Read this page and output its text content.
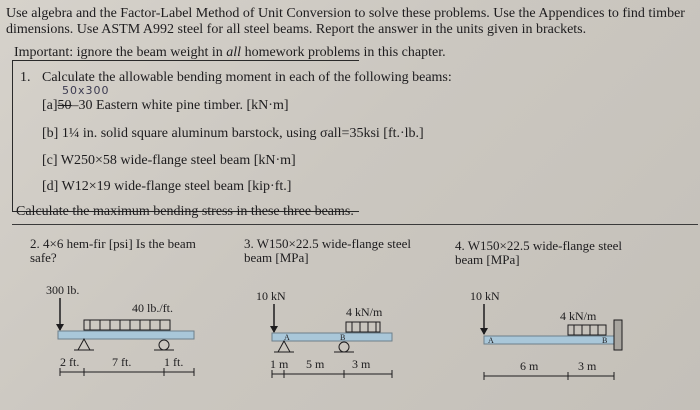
Use algebra and the Factor-Label Method of Unit Conversion to solve these problems. Use the Appendices to find timber
dimensions. Use ASTM A992 steel for all steel beams. Report the answer in the units given in brackets.
Important: ignore the beam weight in all homework problems in this chapter.
1. Calculate the allowable bending moment in each of the following beams:
50x300
[a]50–30 Eastern white pine timber. [kN·m]
[b] 1¼ in. solid square aluminum barstock, using σall=35ksi [ft.·lb.]
[c] W250×58 wide-flange steel beam [kN·m]
[d] W12×19 wide-flange steel beam [kip·ft.]
Calculate the maximum bending stress in these three beams.
2. 4×6 hem-fir [psi] Is the beam
safe?
3. W150×22.5 wide-flange steel
beam [MPa]
4. W150×22.5 wide-flange steel
beam [MPa]
300 lb.
40 lb./ft.
2 ft.	7 ft.	1 ft.
10 kN
4 kN/m
A	B
1 m 5 m 3 m
10 kN
4 kN/m
A	B
6 m	3 m
